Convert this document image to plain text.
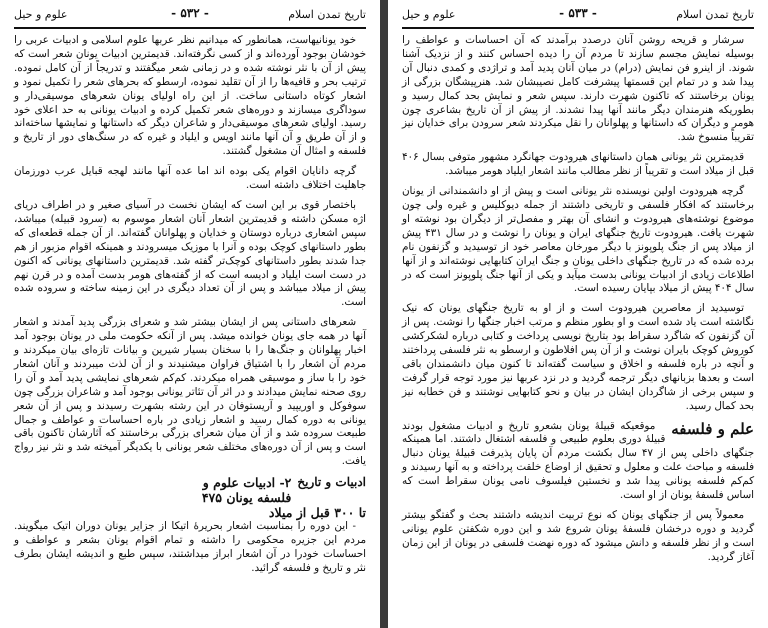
تاریخ تمدن اسلام
- ۵۳۲ -
علوم و حیل

خود یونانیهاست، همانطور که میدانیم نظر عربها علوم اسلامی و ادبیات عربی را خودشان بوجود آورده‌اند و از کسی نگرفته‌اند. قدیمترین ادبیات یونان شعر است که پیش از آن با نثر نوشته شده و در زمانی شعر میگفتند و تدریجاً از آن کامل نموده. ترتیب بحر و قافیه‌ها را از آن تقلید نموده، ارسطو که بحرهای شعر را تکمیل نمود و اشعار کوتاه داستانی ساخت. از این راه اولیای یونان شعرهای موسیقی‌دار و سوداگری میسازند و دوره‌های شعر تکمیل کرده و ادبیات یونانی به حد اعلای خود رسید. اولیای شعرهای موسیقی‌دار و شاعران دیگر که داستانها و نمایشها ساخته‌اند و از آن طریق و آن آنها مانند اویس و ایلیاد و غیره که در سنگ‌های دور از تاریخ و فلسفه و امثال آن مشغول گشتند.

گرچه دانایان اقوام یکی بوده اند اما عده آنها مانند لهجه قبایل عرب دورزمان جاهلیت اختلاف داشته است.

باختصار قوی بر این است که ایشان نخست در آسیای صغیر و در اطراف دریای اژه مسکن داشته و قدیمترین اشعار آنان اشعار موسوم به (سرود قبیله) میباشد، سپس اشعاری درباره دوستان و خدایان و پهلوانان گفته‌اند. از آن جمله قطعه‌ای که بطور داستانهای کوچک بوده و آنرا با موزیک میسرودند و همینکه اقوام مزبور از هم جدا شدند بطور داستانهای کوچک‌تر گفته شد. قدیمترین داستانهای یونانی که اکنون در دست است ایلیاد و ادیسه است که از گفته‌های هومر بدست آمده و در قرن نهم پیش از میلاد میباشد و پس از آن تعداد دیگری در این زمینه ساخته و سروده شده است.

شعرهای داستانی پس از ایشان بیشتر شد و شعرای بزرگی پدید آمدند و اشعار آنها در همه جای یونان خوانده میشد. پس از آنکه حکومت ملی در یونان بوجود آمد اخبار پهلوانان و جنگ‌ها را با سخنان بسیار شیرین و بیانات تازه‌ای بیان میکردند و مردم آن اشعار را با اشتیاق فراوان میشنیدند و از آن لذت میبردند و آنان اشعار خود را با ساز و موسیقی همراه میکردند. کم‌کم شعرهای نمایشی پدید آمد و آن را روی صحنه نمایش میدادند و در اثر آن تئاتر یونانی بوجود آمد و شاعران بزرگی چون سوفوکل و اوریپید و آریستوفان در این رشته بشهرت رسیدند و پس از آن شعر یونانی به دوره کمال رسید و اشعار زیادی در باره احساسات و عواطف و جمال طبیعت سروده شد و از آن میان شعرای بزرگی برخاستند که آثارشان تاکنون باقی است و پس از آن دوره‌های مختلف شعر یونانی با یکدیگر آمیخته شد و نثر نیز رواج یافت.

ادبیات و تاریخ
۲- ادبیات علوم و
فلسفه یونان ۴۷۵
تا ۳۰۰ قبل از میلاد

- این دوره را بمناسبت اشعار بحریرهٔ اتیکا از جزایر یونان دوران اتیک میگویند. مردم این جزیره محکومی را داشته و تمام اقوام یونان بشعر و عواطف و احساسات خودرا در آن اشعار ابراز میداشتند، سپس طبع و اندیشه ایشان بطرف نثر و تاریخ و فلسفه گرائید.

تاریخ تمدن اسلام
- ۵۳۳ -
علوم و حیل

سرشار و قریحه روشن آنان درصدد برآمدند که آن احساسات و عواطف را بوسیله نمایش مجسم سازند تا مردم آن را دیده احساس کنند و از نزدیک آشنا شوند. از اینرو فن نمایش (درام) در میان آنان پدید آمد و تراژدی و کمدی دنبال آن پیدا شد و در تمام این قسمتها پیشرفت کامل نصیبشان شد. هنرپیشگان بزرگی از یونان برخاستند که تاکنون شهرت دارند. سپس شعر و نمایش بحد کمال رسید و بطوریکه هنرمندان دیگر مانند آنها پیدا نشدند. از پیش از آن تاریخ بشاعری چون هومر و دیگران که داستانها و پهلوانان را نقل میکردند شعر سرودن برای خدایان نیز تقریباً منسوخ شد.

قدیمترین نثر یونانی همان داستانهای هیرودوت جهانگرد مشهور متوفی بسال ۴۰۶ قبل از میلاد است و تقریباً از نظر مطالب مانند اشعار ایلیاد هومر میباشد.

گرچه هیرودوت اولین نویسنده نثر یونانی است و پیش از او دانشمندانی از یونان برخاستند که افکار فلسفی و تاریخی داشتند از جمله دیوکلیس و غیره ولی چون موضوع نوشته‌های هیرودوت و انشای آن بهتر و مفصل‌تر از دیگران بود نوشته او شهرت یافت. هیرودوت تاریخ جنگهای ایران و یونان را نوشت و در سال ۴۳۱ پیش از میلاد پس از جنگ پلوپونز با دیگر مورخان معاصر خود از توسیدید و گزنفون نام برده شده که در تاریخ جنگهای داخلی یونان و جنگ ایران کتابهایی نوشته‌اند و از آنها اطلاعات زیادی از ادبیات یونانی بدست میآید و یکی از آنها جنگ پلوپونز است که در سال ۴۰۴ پیش از میلاد بپایان رسیده است.

توسیدید از معاصرین هیرودوت است و از او به تاریخ جنگهای یونان که نیک نگاشته است یاد شده است و او بطور منظم و مرتب اخبار جنگها را نوشت. پس از آن گزنفون که شاگرد سقراط بود بتاریخ نویسی پرداخت و کتابی درباره لشکرکشی کوروش کوچک بایران نوشت و از آن پس افلاطون و ارسطو به نثر فلسفی پرداختند و آنچه در باره فلسفه و اخلاق و سیاست گفته‌اند تا کنون میان دانشمندان باقی است و بعدها بزبانهای دیگر ترجمه گردید و در نزد عربها نیز مورد توجه قرار گرفت و سپس برخی از شاگردان ایشان در بیان و نحو کتابهایی نوشتند و فن خطابه نیز بحد کمال رسید.

علم و فلسفه

موقعیکه قبیلهٔ یونان بشعرو تاریخ و ادبیات مشغول بودند قبیلهٔ دوری بعلوم طبیعی و فلسفه اشتغال داشتند. اما همینکه جنگهای داخلی پس از ۴۷ سال بکشت مردم آن پایان پذیرفت قبیلهٔ یونان دنبال فلسفه و مباحث علت و معلول و تحقیق از اوضاع خلقت پرداخته و به آنها رسیدند و کم‌کم فلسفه یونانی پیدا شد و نخستین فیلسوف نامی یونان سقراط است که اساس فلسفهٔ یونان از او است.

معمولاً پس از جنگهای یونان که نوع تربیت اندیشه داشتند بحث و گفتگو بیشتر گردید و دوره درخشان فلسفهٔ یونان شروع شد و این دوره شکفتن علوم یونانی است و از نظر فلسفه و دانش میشود که دوره نهضت فلسفی در یونان از این زمان آغاز گردید.
